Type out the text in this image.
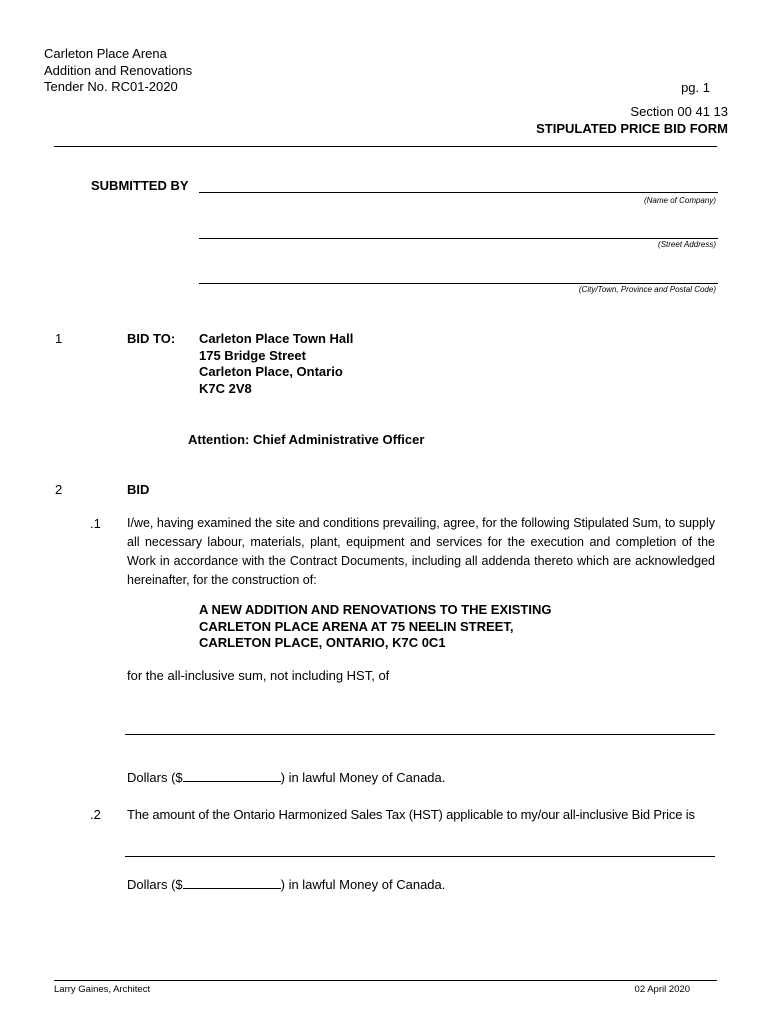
Carleton Place Arena
Addition and Renovations
Tender No. RC01-2020	pg. 1
Section 00 41 13
STIPULATED PRICE BID FORM
SUBMITTED BY
(Name of Company)
(Street Address)
(City/Town, Province and Postal Code)
1	BID TO: Carleton Place Town Hall
175 Bridge Street
Carleton Place, Ontario
K7C 2V8
Attention: Chief Administrative Officer
2	BID
.1 I/we, having examined the site and conditions prevailing, agree, for the following Stipulated Sum, to supply all necessary labour, materials, plant, equipment and services for the execution and completion of the Work in accordance with the Contract Documents, including all addenda thereto which are acknowledged hereinafter, for the construction of:
A NEW ADDITION AND RENOVATIONS TO THE EXISTING
CARLETON PLACE ARENA AT 75 NEELIN STREET,
CARLETON PLACE, ONTARIO, K7C 0C1
for the all-inclusive sum, not including HST, of
Dollars ($	) in lawful Money of Canada.
.2 The amount of the Ontario Harmonized Sales Tax (HST) applicable to my/our all-inclusive Bid Price is
Dollars ($	) in lawful Money of Canada.
Larry Gaines, Architect	02 April 2020
